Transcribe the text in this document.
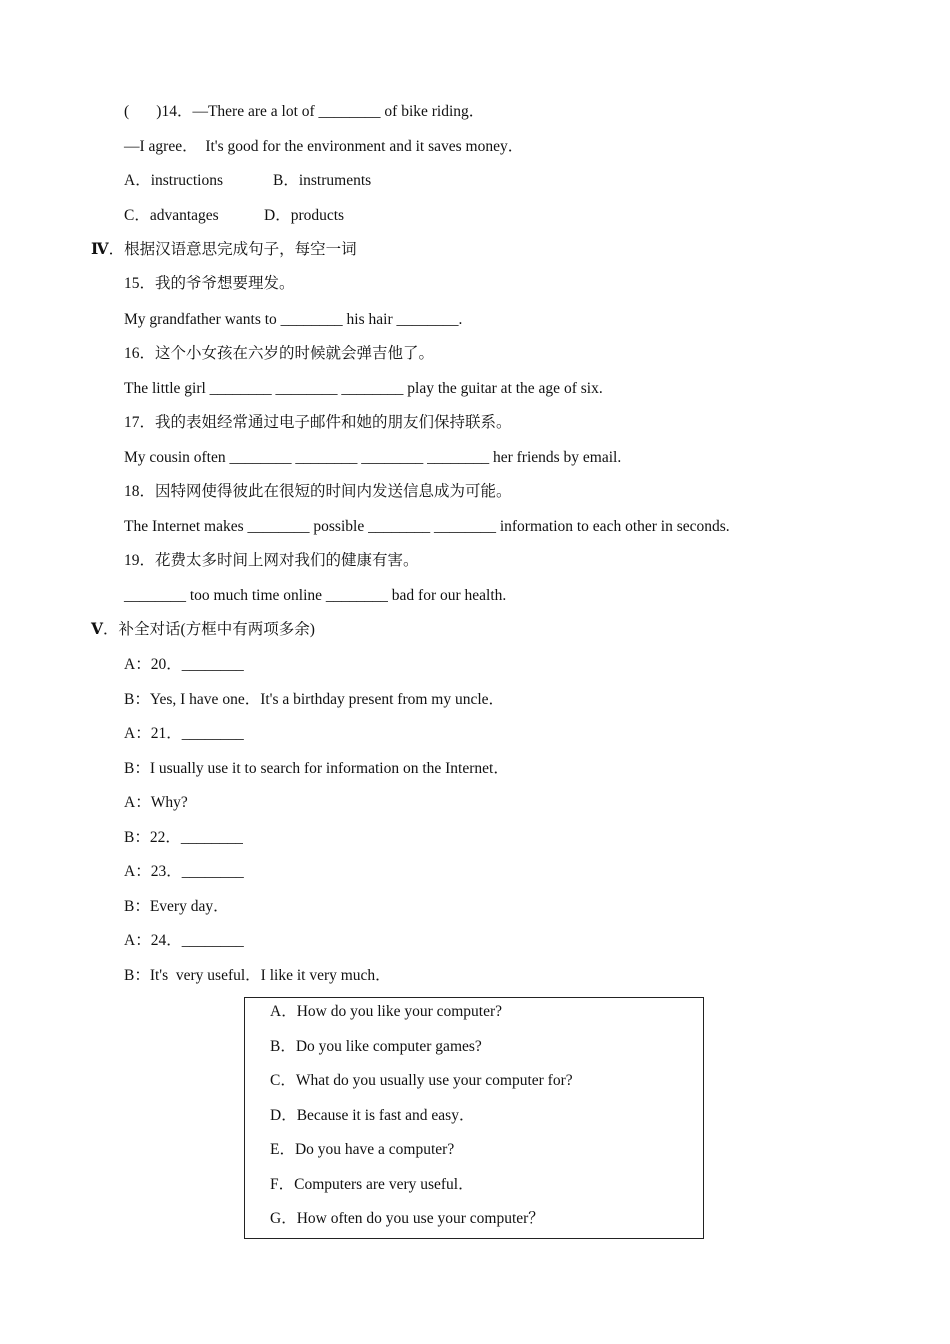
(       )14．—There are a lot of ________ of bike riding．
—I agree．  It's good for the environment and it saves money．
A．instructions	B．instruments
C．advantages	D．products
Ⅳ．根据汉语意思完成句子，每空一词
15．我的爷爷想要理发。
My grandfather wants to ________ his hair ________.
16．这个小女孩在六岁的时候就会弹吉他了。
The little girl ________ ________ ________ play the guitar at the age of six.
17．我的表姐经常通过电子邮件和她的朋友们保持联系。
My cousin often ________ ________ ________ ________ her friends by email.
18．因特网使得彼此在很短的时间内发送信息成为可能。
The Internet makes ________ possible ________ ________ information to each other in seconds.
19．花费太多时间上网对我们的健康有害。
________ too much time online ________ bad for our health.
Ⅴ．补全对话(方框中有两项多余)
A：20．________
B：Yes, I have one．It's a birthday present from my uncle．
A：21．________
B：I usually use it to search for information on the Internet．
A：Why?
B：22．________
A：23．________
B：Every day．
A：24．________
B：It's  very useful．I like it very much．
A．How do you like your computer?
B．Do you like computer games?
C．What do you usually use your computer for?
D．Because it is fast and easy．
E．Do you have a computer?
F．Computers are very useful．
G．How often do you use your computer？
